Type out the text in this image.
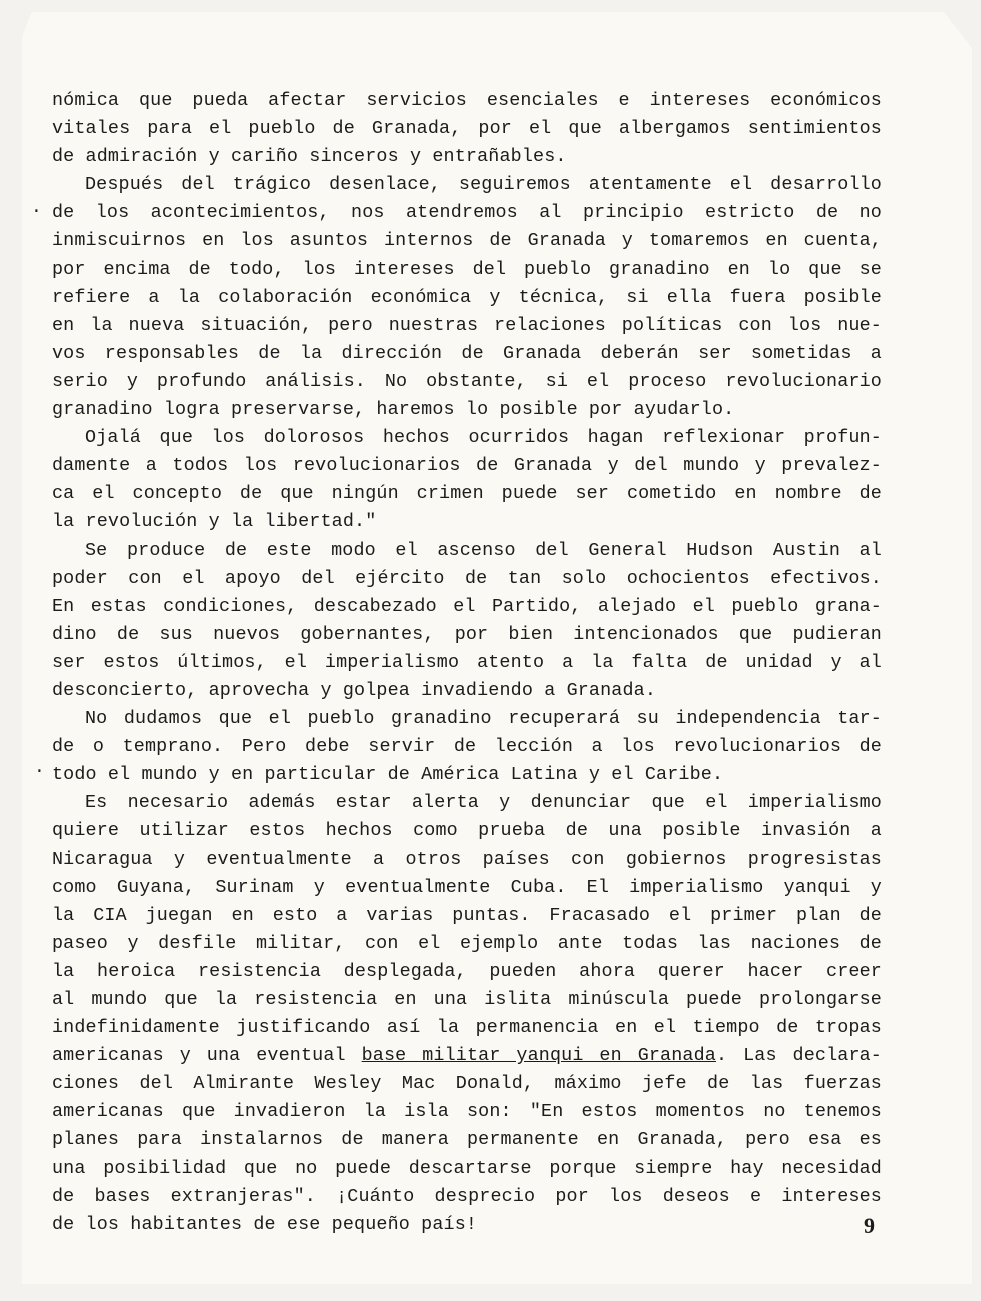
nómica que pueda afectar servicios esenciales e intereses económicos
vitales para el pueblo de Granada, por el que albergamos sentimientos
de admiración y cariño sinceros y entrañables.
Después del trágico desenlace, seguiremos atentamente el desarrollo
de los acontecimientos, nos atendremos al principio estricto de no
inmiscuirnos en los asuntos internos de Granada y tomaremos en cuenta,
por encima de todo, los intereses del pueblo granadino en lo que se
refiere a la colaboración económica y técnica, si ella fuera posible
en la nueva situación, pero nuestras relaciones políticas con los nue-
vos responsables de la dirección de Granada deberán ser sometidas a
serio y profundo análisis. No obstante, si el proceso revolucionario
granadino logra preservarse, haremos lo posible por ayudarlo.
Ojalá que los dolorosos hechos ocurridos hagan reflexionar profun-
damente a todos los revolucionarios de Granada y del mundo y prevalez-
ca el concepto de que ningún crimen puede ser cometido en nombre de
la revolución y la libertad."
Se produce de este modo el ascenso del General Hudson Austin al
poder con el apoyo del ejército de tan solo ochocientos efectivos.
En estas condiciones, descabezado el Partido, alejado el pueblo grana-
dino de sus nuevos gobernantes, por bien intencionados que pudieran
ser estos últimos, el imperialismo atento a la falta de unidad y al
desconcierto, aprovecha y golpea invadiendo a Granada.
No dudamos que el pueblo granadino recuperará su independencia tar-
de o temprano. Pero debe servir de lección a los revolucionarios de
todo el mundo y en particular de América Latina y el Caribe.
Es necesario además estar alerta y denunciar que el imperialismo
quiere utilizar estos hechos como prueba de una posible invasión a
Nicaragua y eventualmente a otros países con gobiernos progresistas
como Guyana, Surinam y eventualmente Cuba. El imperialismo yanqui y
la CIA juegan en esto a varias puntas. Fracasado el primer plan de
paseo y desfile militar, con el ejemplo ante todas las naciones de
la heroica resistencia desplegada, pueden ahora querer hacer creer
al mundo que la resistencia en una islita minúscula puede prolongarse
indefinidamente justificando así la permanencia en el tiempo de tropas
americanas y una eventual base militar yanqui en Granada. Las declara-
ciones del Almirante Wesley Mac Donald, máximo jefe de las fuerzas
americanas que invadieron la isla son: "En estos momentos no tenemos
planes para instalarnos de manera permanente en Granada, pero esa es
una posibilidad que no puede descartarse porque siempre hay necesidad
de bases extranjeras". ¡Cuánto desprecio por los deseos e intereses
de los habitantes de ese pequeño país!
·
·
9
